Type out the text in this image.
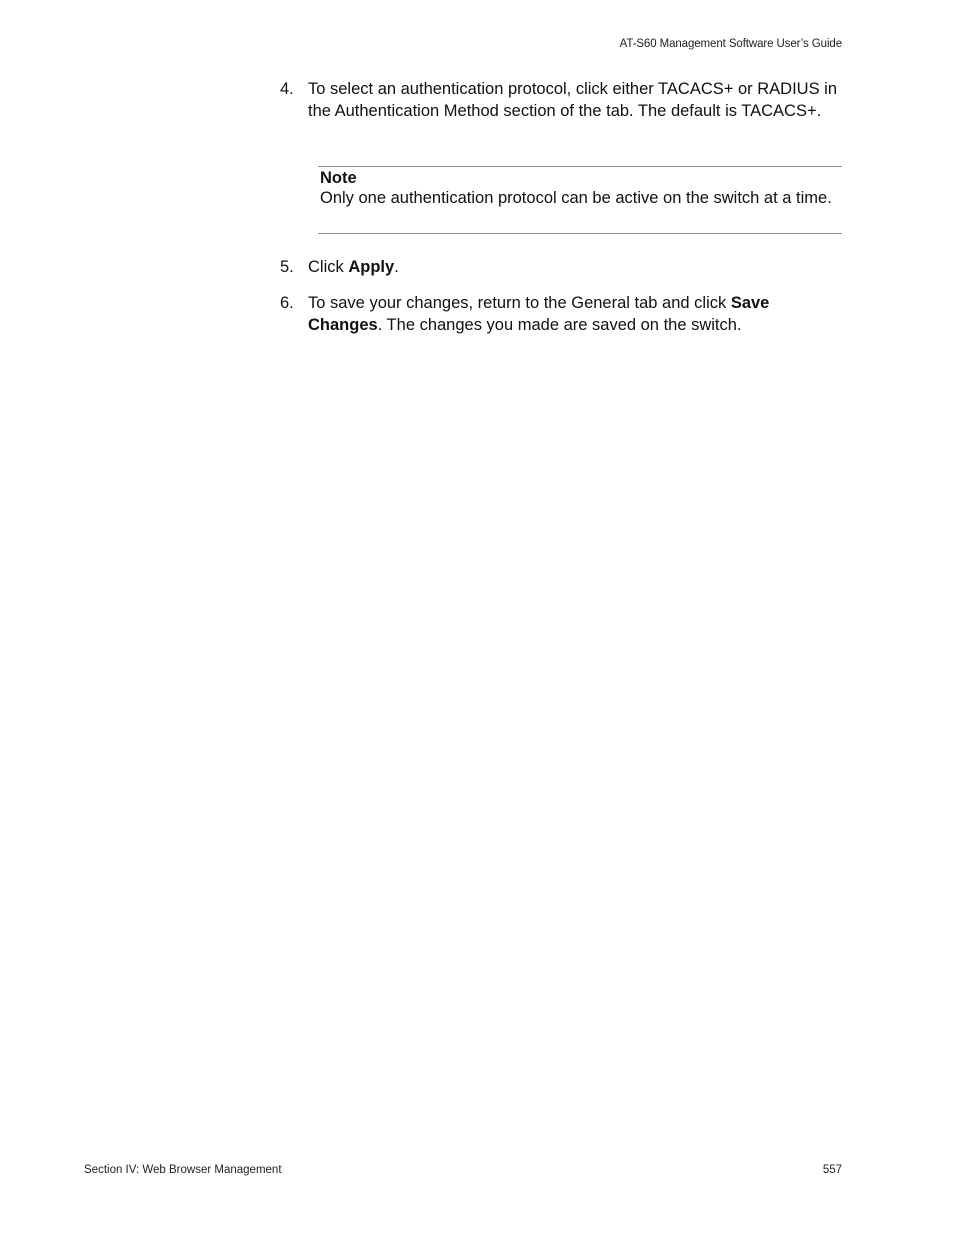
AT-S60 Management Software User’s Guide
4. To select an authentication protocol, click either TACACS+ or RADIUS in the Authentication Method section of the tab. The default is TACACS+.
Note
Only one authentication protocol can be active on the switch at a time.
5. Click Apply.
6. To save your changes, return to the General tab and click Save Changes. The changes you made are saved on the switch.
Section IV: Web Browser Management	557
